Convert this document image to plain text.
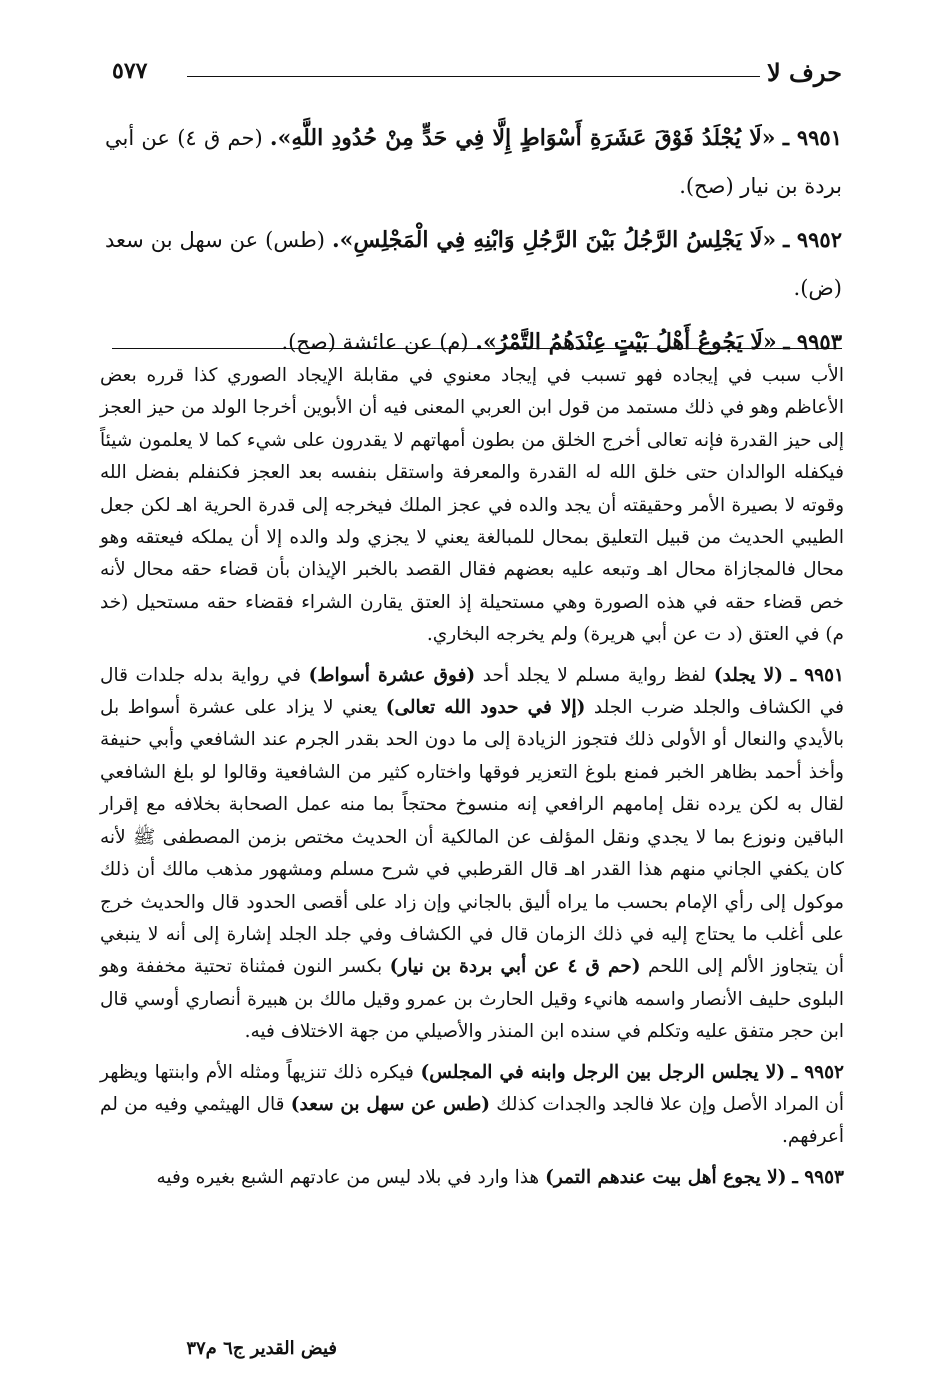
حرف لا
٥٧٧

٩٩٥١ ـ «لَا يُجْلَدُ فَوْقَ عَشَرَةِ أَسْوَاطٍ إِلَّا فِي حَدٍّ مِنْ حُدُودِ اللَّهِ». (حم ق ٤) عن أبي بردة بن نيار (صح).

٩٩٥٢ ـ «لَا يَجْلِسُ الرَّجُلُ بَيْنَ الرَّجُلِ وَابْنِهِ فِي الْمَجْلِسِ». (طس) عن سهل بن سعد (ض).

٩٩٥٣ ـ «لَا يَجُوعُ أَهْلُ بَيْتٍ عِنْدَهُمُ التَّمْرُ». (م) عن عائشة (صح).

الأب سبب في إيجاده فهو تسبب في إيجاد معنوي في مقابلة الإيجاد الصوري كذا قرره بعض الأعاظم وهو في ذلك مستمد من قول ابن العربي المعنى فيه أن الأبوين أخرجا الولد من حيز العجز إلى حيز القدرة فإنه تعالى أخرج الخلق من بطون أمهاتهم لا يقدرون على شيء كما لا يعلمون شيئاً فيكفله الوالدان حتى خلق الله له القدرة والمعرفة واستقل بنفسه بعد العجز فكنفلم بفضل الله وقوته لا بصيرة الأمر وحقيقته أن يجد والده في عجز الملك فيخرجه إلى قدرة الحرية اهـ لكن جعل الطيبي الحديث من قبيل التعليق بمحال للمبالغة يعني لا يجزي ولد والده إلا أن يملكه فيعتقه وهو محال فالمجازاة محال اهـ وتبعه عليه بعضهم فقال القصد بالخبر الإيذان بأن قضاء حقه محال لأنه خص قضاء حقه في هذه الصورة وهي مستحيلة إذ العتق يقارن الشراء فقضاء حقه مستحيل (خد م) في العتق (د ت عن أبي هريرة) ولم يخرجه البخاري.

٩٩٥١ ـ (لا يجلد) لفظ رواية مسلم لا يجلد أحد (فوق عشرة أسواط) في رواية بدله جلدات قال في الكشاف والجلد ضرب الجلد (إلا في حدود الله تعالى) يعني لا يزاد على عشرة أسواط بل بالأيدي والنعال أو الأولى ذلك فتجوز الزيادة إلى ما دون الحد بقدر الجرم عند الشافعي وأبي حنيفة وأخذ أحمد بظاهر الخبر فمنع بلوغ التعزير فوقها واختاره كثير من الشافعية وقالوا لو بلغ الشافعي لقال به لكن يرده نقل إمامهم الرافعي إنه منسوخ محتجاً بما منه عمل الصحابة بخلافه مع إقرار الباقين ونوزع بما لا يجدي ونقل المؤلف عن المالكية أن الحديث مختص بزمن المصطفى ﷺ لأنه كان يكفي الجاني منهم هذا القدر اهـ قال القرطبي في شرح مسلم ومشهور مذهب مالك أن ذلك موكول إلى رأي الإمام بحسب ما يراه أليق بالجاني وإن زاد على أقصى الحدود قال والحديث خرج على أغلب ما يحتاج إليه في ذلك الزمان قال في الكشاف وفي جلد الجلد إشارة إلى أنه لا ينبغي أن يتجاوز الألم إلى اللحم (حم ق ٤ عن أبي بردة بن نيار) بكسر النون فمثناة تحتية مخففة وهو البلوى حليف الأنصار واسمه هانيء وقيل الحارث بن عمرو وقيل مالك بن هبيرة أنصاري أوسي قال ابن حجر متفق عليه وتكلم في سنده ابن المنذر والأصيلي من جهة الاختلاف فيه.

٩٩٥٢ ـ (لا يجلس الرجل بين الرجل وابنه في المجلس) فيكره ذلك تنزيهاً ومثله الأم وابنتها ويظهر أن المراد الأصل وإن علا فالجد والجدات كذلك (طس عن سهل بن سعد) قال الهيثمي وفيه من لم أعرفهم.

٩٩٥٣ ـ (لا يجوع أهل بيت عندهم التمر) هذا وارد في بلاد ليس من عادتهم الشبع بغيره وفيه

فيض القدير ج٦ م٣٧
